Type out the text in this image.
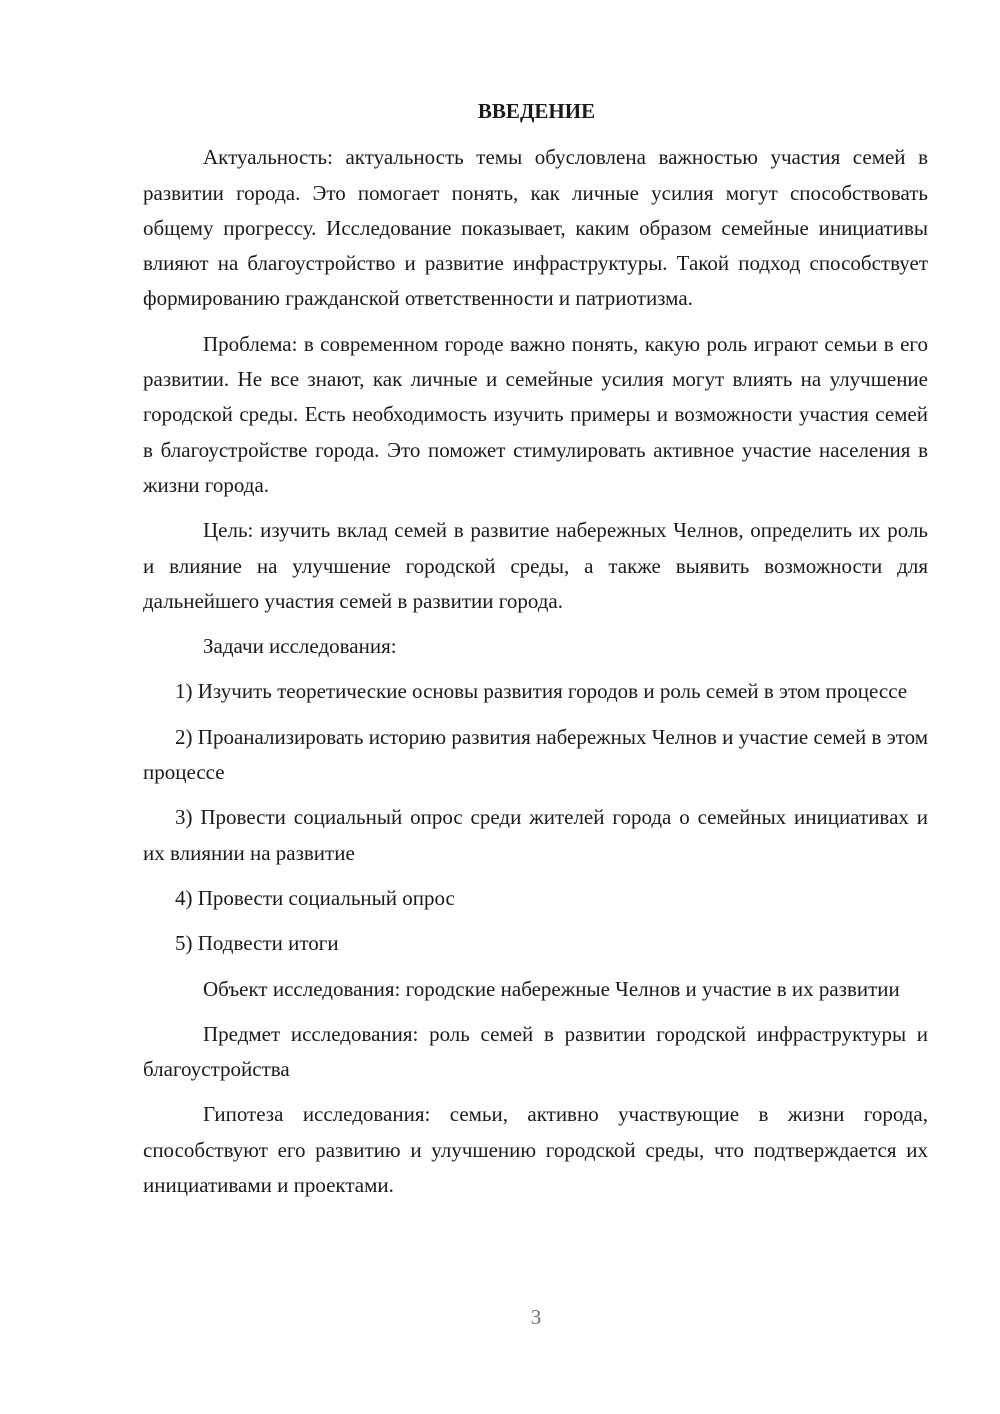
ВВЕДЕНИЕ

Актуальность: актуальность темы обусловлена важностью участия семей в развитии города. Это помогает понять, как личные усилия могут способствовать общему прогрессу. Исследование показывает, каким образом семейные инициативы влияют на благоустройство и развитие инфраструктуры. Такой подход способствует формированию гражданской ответственности и патриотизма.

Проблема: в современном городе важно понять, какую роль играют семьи в его развитии. Не все знают, как личные и семейные усилия могут влиять на улучшение городской среды. Есть необходимость изучить примеры и возможности участия семей в благоустройстве города. Это поможет стимулировать активное участие населения в жизни города.

Цель: изучить вклад семей в развитие набережных Челнов, определить их роль и влияние на улучшение городской среды, а также выявить возможности для дальнейшего участия семей в развитии города.

Задачи исследования:

1) Изучить теоретические основы развития городов и роль семей в этом процессе

2) Проанализировать историю развития набережных Челнов и участие семей в этом процессе

3) Провести социальный опрос среди жителей города о семейных инициативах и их влиянии на развитие

4) Провести социальный опрос

5) Подвести итоги

Объект исследования: городские набережные Челнов и участие в их развитии

Предмет исследования: роль семей в развитии городской инфраструктуры и благоустройства

Гипотеза исследования: семьи, активно участвующие в жизни города, способствуют его развитию и улучшению городской среды, что подтверждается их инициативами и проектами.

3
